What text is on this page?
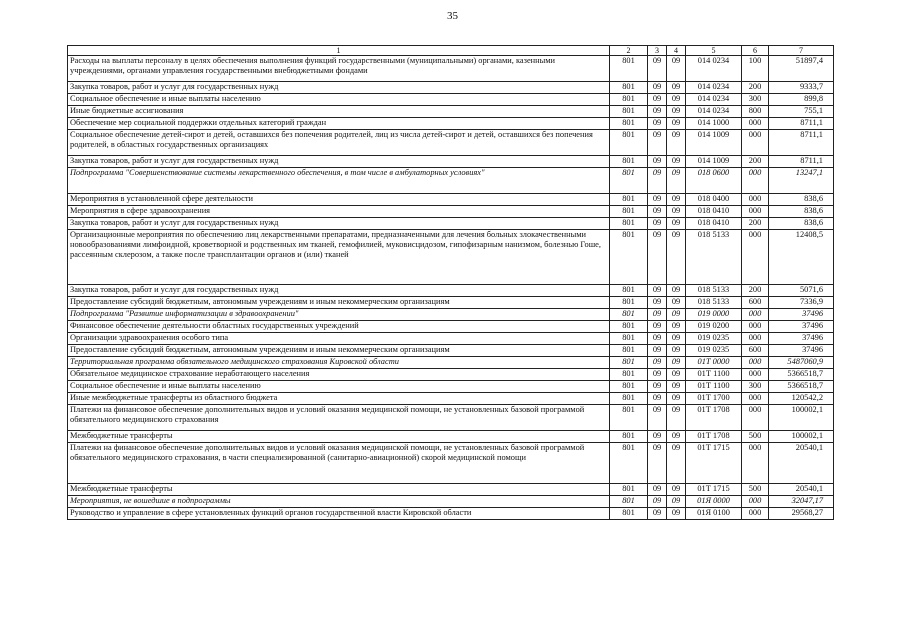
35
1	2	3	4	5	6	7
Расходы на выплаты персоналу в целях обеспечения выполнения функций государственными (муниципальными) органами, казенными учреждениями, органами управления государственными внебюджетными фондами	801	09	09	014 0234	100	51897,4
Закупка товаров, работ и услуг для государственных нужд	801	09	09	014 0234	200	9333,7
Социальное обеспечение и иные выплаты населению	801	09	09	014 0234	300	899,8
Иные бюджетные ассигнования	801	09	09	014 0234	800	755,1
Обеспечение мер социальной поддержки отдельных категорий граждан	801	09	09	014 1000	000	8711,1
Социальное обеспечение детей-сирот и детей, оставшихся без попечения родителей, лиц из числа детей-сирот и детей, оставшихся без попечения родителей, в областных государственных организациях	801	09	09	014 1009	000	8711,1
Закупка товаров, работ и услуг для государственных нужд	801	09	09	014 1009	200	8711,1
Подпрограмма "Совершенствование системы лекарственного обеспечения, в том числе в амбулаторных условиях"	801	09	09	018 0600	000	13247,1
Мероприятия в установленной сфере деятельности	801	09	09	018 0400	000	838,6
Мероприятия в сфере здравоохранения	801	09	09	018 0410	000	838,6
Закупка товаров, работ и услуг для государственных нужд	801	09	09	018 0410	200	838,6
Организационные мероприятия по обеспечению лиц лекарственными препаратами, предназначенными для лечения больных злокачественными новообразованиями лимфоидной, кроветворной и родственных им тканей, гемофилией, муковисцидозом, гипофизарным нанизмом, болезнью Гоше, рассеянным склерозом, а также после трансплантации органов и (или) тканей	801	09	09	018 5133	000	12408,5
Закупка товаров, работ и услуг для государственных нужд	801	09	09	018 5133	200	5071,6
Предоставление субсидий бюджетным, автономным учреждениям и иным некоммерческим организациям	801	09	09	018 5133	600	7336,9
Подпрограмма "Развитие информатизации в здравоохранении"	801	09	09	019 0000	000	37496
Финансовое обеспечение деятельности областных государственных учреждений	801	09	09	019 0200	000	37496
Организации здравоохранения особого типа	801	09	09	019 0235	000	37496
Предоставление субсидий бюджетным, автономным учреждениям и иным некоммерческим организациям	801	09	09	019 0235	600	37496
Территориальная программа обязательного медицинского страхования Кировской области	801	09	09	01Т 0000	000	5487060,9
Обязательное медицинское страхование неработающего населения	801	09	09	01Т 1100	000	5366518,7
Социальное обеспечение и иные выплаты населению	801	09	09	01Т 1100	300	5366518,7
Иные межбюджетные трансферты из областного бюджета	801	09	09	01Т 1700	000	120542,2
Платежи на финансовое обеспечение дополнительных видов и условий оказания медицинской помощи, не установленных базовой программой обязательного медицинского страхования	801	09	09	01Т 1708	000	100002,1
Межбюджетные трансферты	801	09	09	01Т 1708	500	100002,1
Платежи на финансовое обеспечение дополнительных видов и условий оказания медицинской помощи, не установленных базовой программой обязательного медицинского страхования, в части специализированной (санитарно-авиационной) скорой медицинской помощи	801	09	09	01Т 1715	000	20540,1
Межбюджетные трансферты	801	09	09	01Т 1715	500	20540,1
Мероприятия, не вошедшие в подпрограммы	801	09	09	01Я 0000	000	32047,17
Руководство и управление в сфере установленных функций органов государственной власти Кировской области	801	09	09	01Я 0100	000	29568,27
